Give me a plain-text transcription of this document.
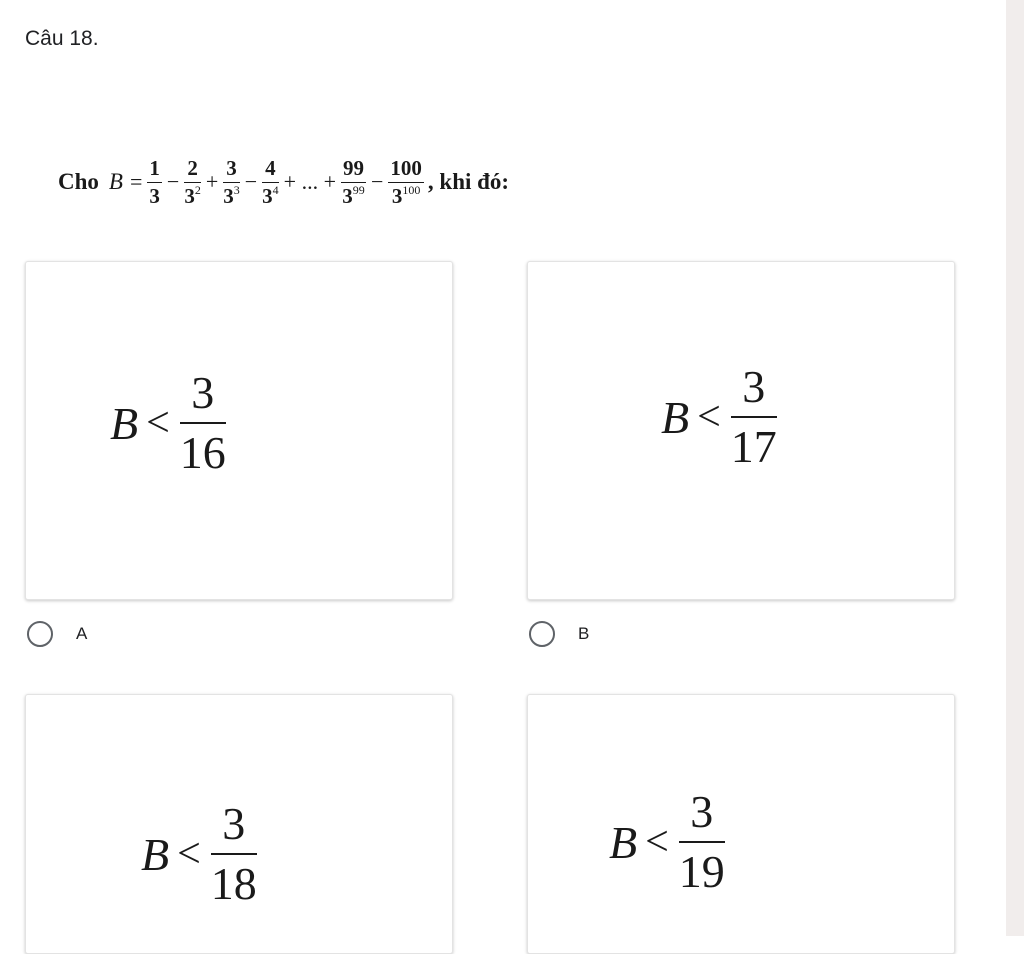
Câu 18.
Cho B =
1
3
−
2
$3^2$ +
3
$3^3$ −
4
$3^4$ + ... +
99
$3^{99}$ −
100
$3^{100}$ , khi đó:
B <
3
16
A
B <
3
17
B
B <
3
18
B <
3
19
